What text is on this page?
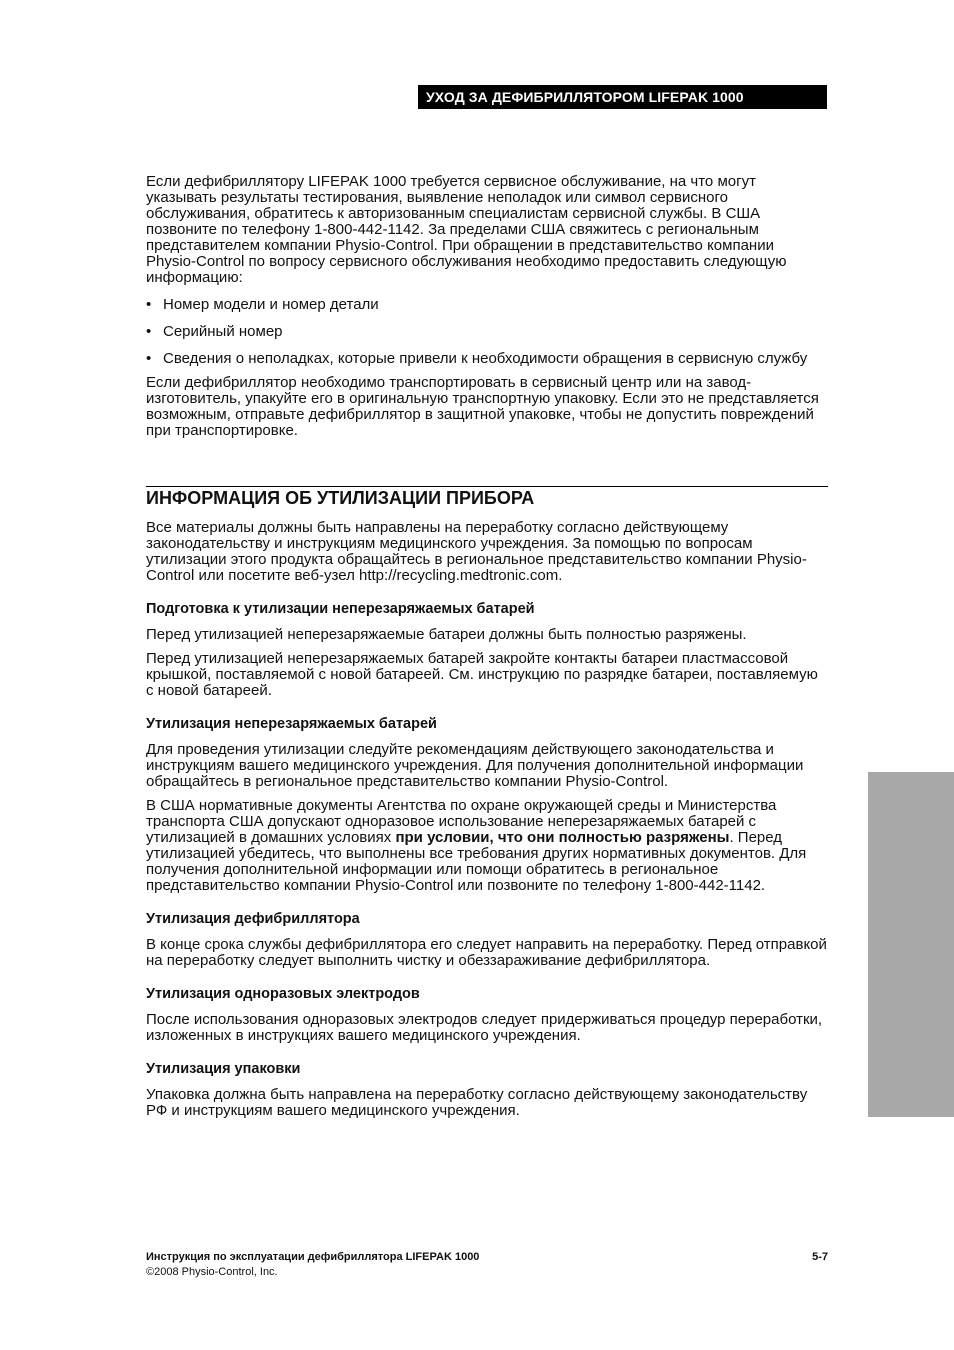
УХОД ЗА ДЕФИБРИЛЛЯТОРОМ LIFEPAK 1000

Если дефибриллятору LIFEPAK 1000 требуется сервисное обслуживание, на что могут указывать результаты тестирования, выявление неполадок или символ сервисного обслуживания, обратитесь к авторизованным специалистам сервисной службы. В США позвоните по телефону 1-800-442-1142. За пределами США свяжитесь с региональным представителем компании Physio-Control. При обращении в представительство компании Physio-Control по вопросу сервисного обслуживания необходимо предоставить следующую информацию:

• Номер модели и номер детали
• Серийный номер
• Сведения о неполадках, которые привели к необходимости обращения в сервисную службу

Если дефибриллятор необходимо транспортировать в сервисный центр или на завод-изготовитель, упакуйте его в оригинальную транспортную упаковку. Если это не представляется возможным, отправьте дефибриллятор в защитной упаковке, чтобы не допустить повреждений при транспортировке.

ИНФОРМАЦИЯ ОБ УТИЛИЗАЦИИ ПРИБОРА

Все материалы должны быть направлены на переработку согласно действующему законодательству и инструкциям медицинского учреждения. За помощью по вопросам утилизации этого продукта обращайтесь в региональное представительство компании Physio-Control или посетите веб-узел http://recycling.medtronic.com.

Подготовка к утилизации неперезаряжаемых батарей

Перед утилизацией неперезаряжаемые батареи должны быть полностью разряжены.

Перед утилизацией неперезаряжаемых батарей закройте контакты батареи пластмассовой крышкой, поставляемой с новой батареей. См. инструкцию по разрядке батареи, поставляемую с новой батареей.

Утилизация неперезаряжаемых батарей

Для проведения утилизации следуйте рекомендациям действующего законодательства и инструкциям вашего медицинского учреждения. Для получения дополнительной информации обращайтесь в региональное представительство компании Physio-Control.

В США нормативные документы Агентства по охране окружающей среды и Министерства транспорта США допускают одноразовое использование неперезаряжаемых батарей с утилизацией в домашних условиях при условии, что они полностью разряжены. Перед утилизацией убедитесь, что выполнены все требования других нормативных документов. Для получения дополнительной информации или помощи обратитесь в региональное представительство компании Physio-Control или позвоните по телефону 1-800-442-1142.

Утилизация дефибриллятора

В конце срока службы дефибриллятора его следует направить на переработку. Перед отправкой на переработку следует выполнить чистку и обеззараживание дефибриллятора.

Утилизация одноразовых электродов

После использования одноразовых электродов следует придерживаться процедур переработки, изложенных в инструкциях вашего медицинского учреждения.

Утилизация упаковки

Упаковка должна быть направлена на переработку согласно действующему законодательству РФ и инструкциям вашего медицинского учреждения.

Инструкция по эксплуатации дефибриллятора LIFEPAK 1000	5-7
©2008 Physio-Control, Inc.
